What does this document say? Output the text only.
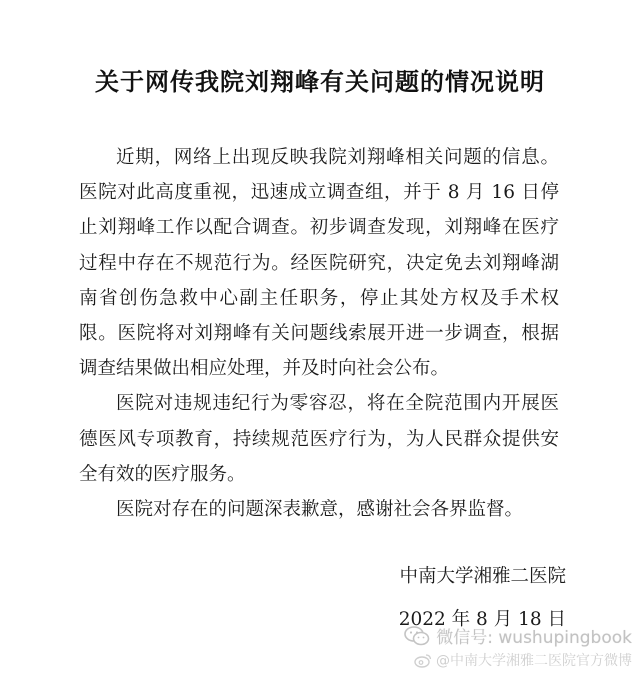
关于网传我院刘翔峰有关问题的情况说明

近期，网络上出现反映我院刘翔峰相关问题的信息。医院对此高度重视，迅速成立调查组，并于 8 月 16 日停止刘翔峰工作以配合调查。初步调查发现，刘翔峰在医疗过程中存在不规范行为。经医院研究，决定免去刘翔峰湖南省创伤急救中心副主任职务，停止其处方权及手术权限。医院将对刘翔峰有关问题线索展开进一步调查，根据调查结果做出相应处理，并及时向社会公布。

医院对违规违纪行为零容忍，将在全院范围内开展医德医风专项教育，持续规范医疗行为，为人民群众提供安全有效的医疗服务。

医院对存在的问题深表歉意，感谢社会各界监督。

中南大学湘雅二医院
2022 年 8 月 18 日
微信号: wushupingbook
@中南大学湘雅二医院官方微博
